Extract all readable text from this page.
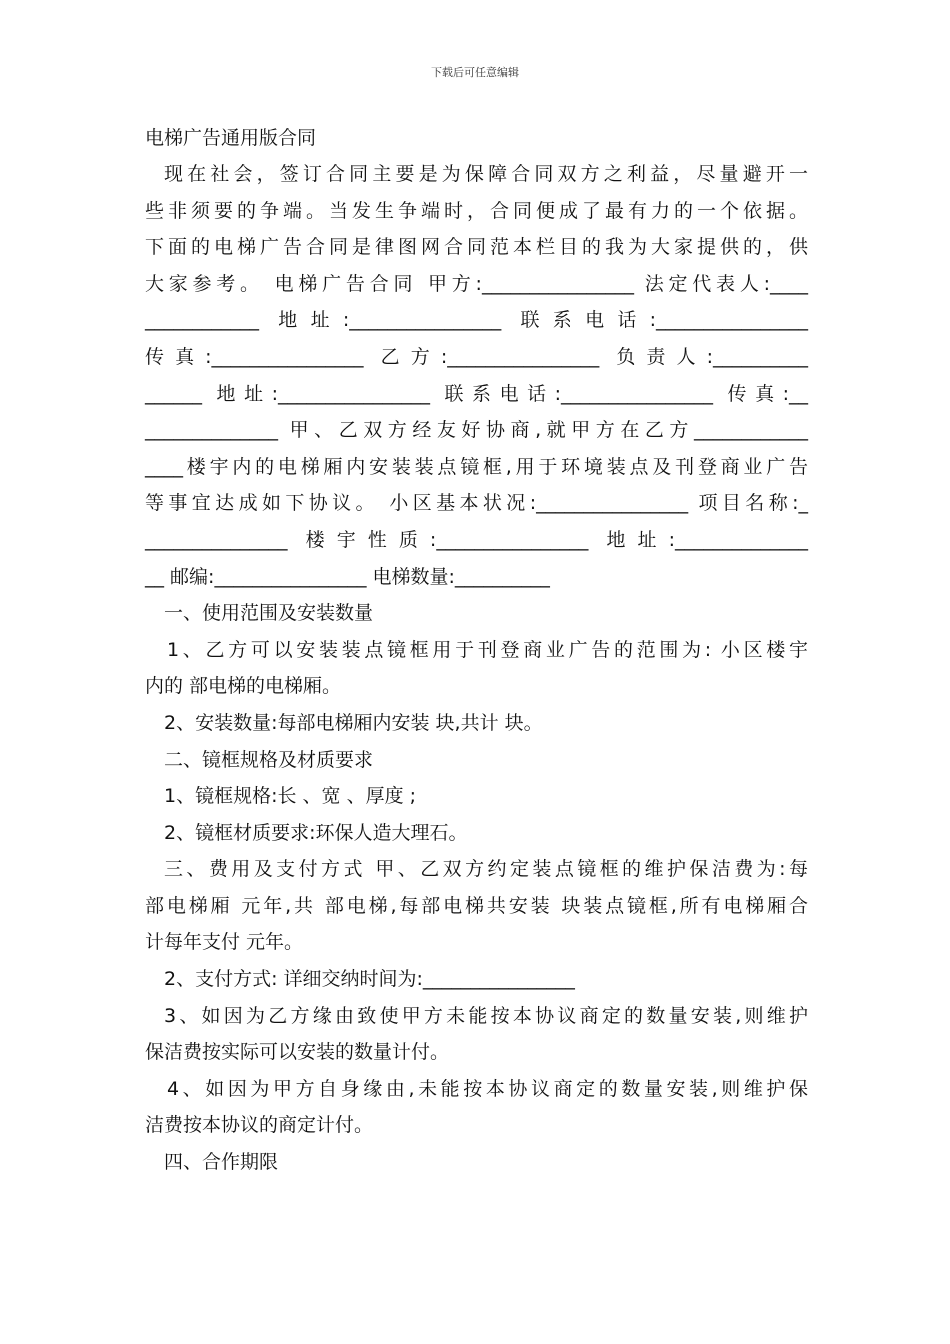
下载后可任意编辑
电梯广告通用版合同
现在社会，签订合同主要是为保障合同双方之利益，尽量避开一
些非须要的争端。当发生争端时，合同便成了最有力的一个依据。
下面的电梯广告合同是律图网合同范本栏目的我为大家提供的，供
大家参考。 电梯广告合同 甲方:________________ 法定代表人:____
____________ 地址:________________ 联系电话:________________
传真:________________ 乙方:________________ 负责人:__________
______ 地址:________________ 联系电话:________________ 传真:__
______________ 甲、乙双方经友好协商,就甲方在乙方____________
____楼宇内的电梯厢内安装装点镜框,用于环境装点及刊登商业广告
等事宜达成如下协议。 小区基本状况:________________ 项目名称:_
_______________ 楼宇性质:________________ 地址:______________
__ 邮编:________________ 电梯数量:__________
一、使用范围及安装数量
1、乙方可以安装装点镜框用于刊登商业广告的范围为: 小区楼宇
内的 部电梯的电梯厢。
2、安装数量:每部电梯厢内安装 块,共计 块。
二、镜框规格及材质要求
1、镜框规格:长 、宽 、厚度 ;
2、镜框材质要求:环保人造大理石。
三、费用及支付方式 甲、乙双方约定装点镜框的维护保洁费为:每
部电梯厢 元年,共 部电梯,每部电梯共安装 块装点镜框,所有电梯厢合
计每年支付 元年。
2、支付方式: 详细交纳时间为:________________
3、如因为乙方缘由致使甲方未能按本协议商定的数量安装,则维护
保洁费按实际可以安装的数量计付。
4、如因为甲方自身缘由,未能按本协议商定的数量安装,则维护保
洁费按本协议的商定计付。
四、合作期限
